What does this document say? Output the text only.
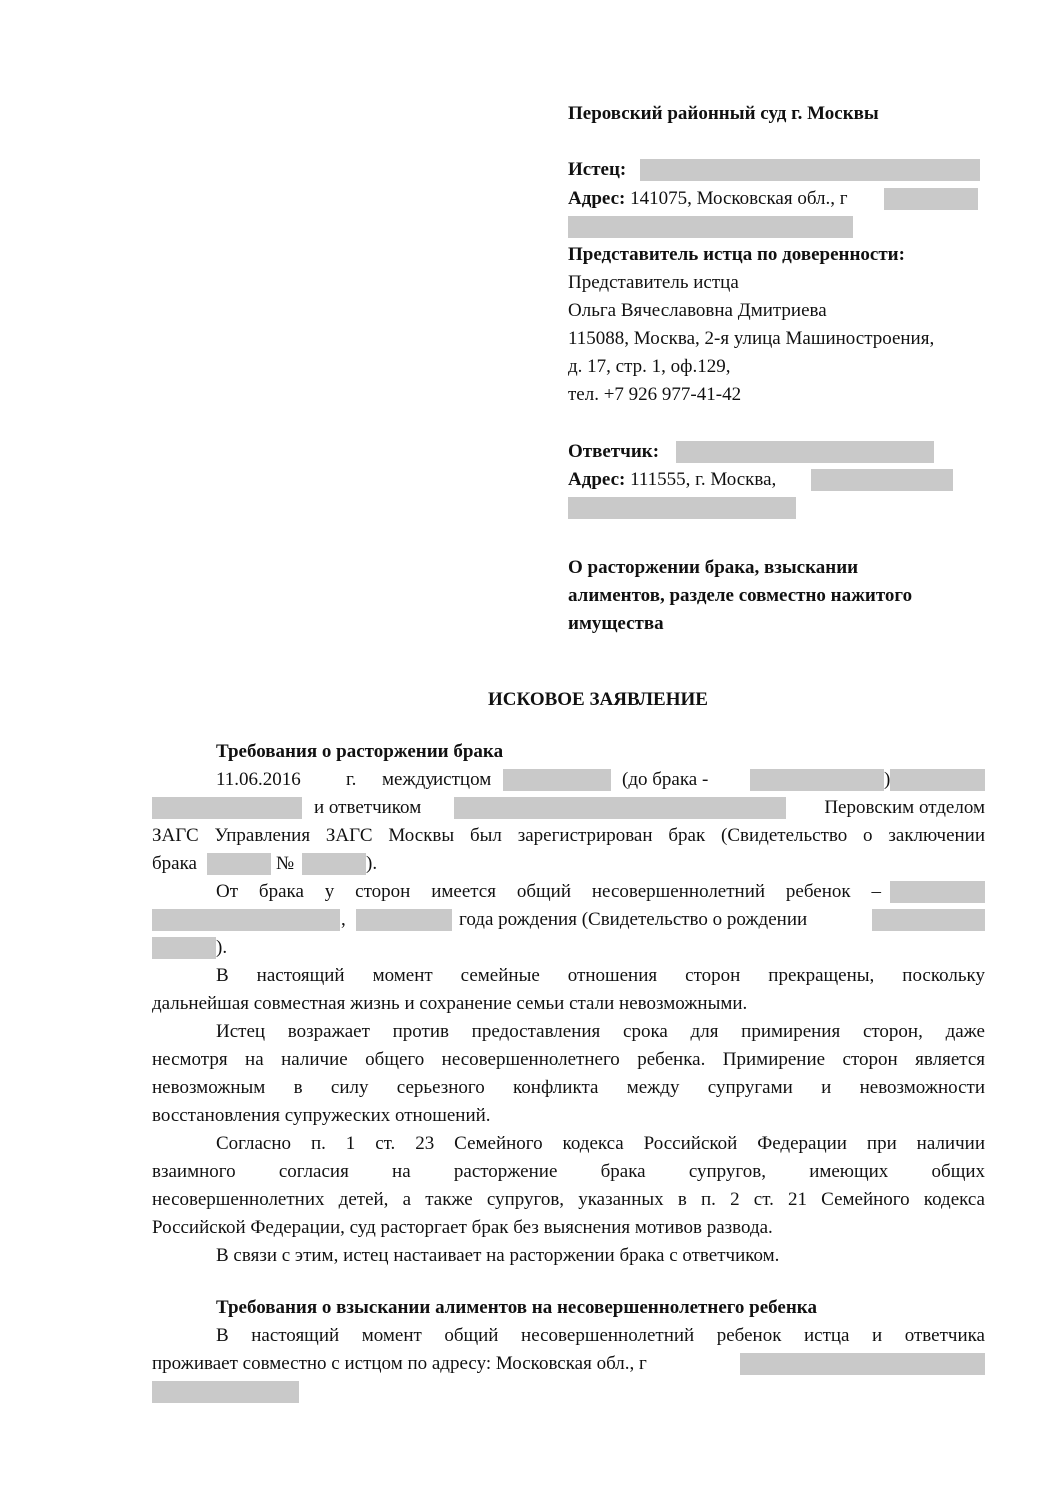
Перовский районный суд г. Москвы
Истец:
Адрес: 141075, Московская обл., г
Представитель истца по доверенности:
Представитель истца
Ольга Вячеславовна Дмитриева
115088, Москва, 2-я улица Машиностроения,
д. 17, стр. 1, оф.129,
тел. +7 926 977-41-42
Ответчик:
Адрес: 111555, г. Москва,
О расторжении брака, взыскании
алиментов, разделе совместно нажитого
имущества
ИСКОВОЕ ЗАЯВЛЕНИЕ
Требования о расторжении брака
11.06.2016 г. между
истцом	(до брака -	)
и ответчиком	Перовским отделом
ЗАГС Управления ЗАГС Москвы был зарегистрирован брак (Свидетельство о заключении
брака	№	).
От брака у сторон имеется общий несовершеннолетний ребенок –
,	года рождения (Свидетельство о рождении
).
В настоящий момент семейные отношения сторон прекращены, поскольку
дальнейшая совместная жизнь и сохранение семьи стали невозможными.
Истец возражает против предоставления срока для примирения сторон, даже
несмотря на наличие общего несовершеннолетнего ребенка. Примирение сторон является
невозможным в силу серьезного конфликта между супругами и невозможности
восстановления супружеских отношений.
Согласно п. 1 ст. 23 Семейного кодекса Российской Федерации при наличии
взаимного согласия на расторжение брака супругов, имеющих общих
несовершеннолетних детей, а также супругов, указанных в п. 2 ст. 21 Семейного кодекса
Российской Федерации, суд расторгает брак без выяснения мотивов развода.
В связи с этим, истец настаивает на расторжении брака с ответчиком.
Требования о взыскании алиментов на несовершеннолетнего ребенка
В настоящий момент общий несовершеннолетний ребенок истца и ответчика
проживает совместно с истцом по адресу: Московская обл., г
